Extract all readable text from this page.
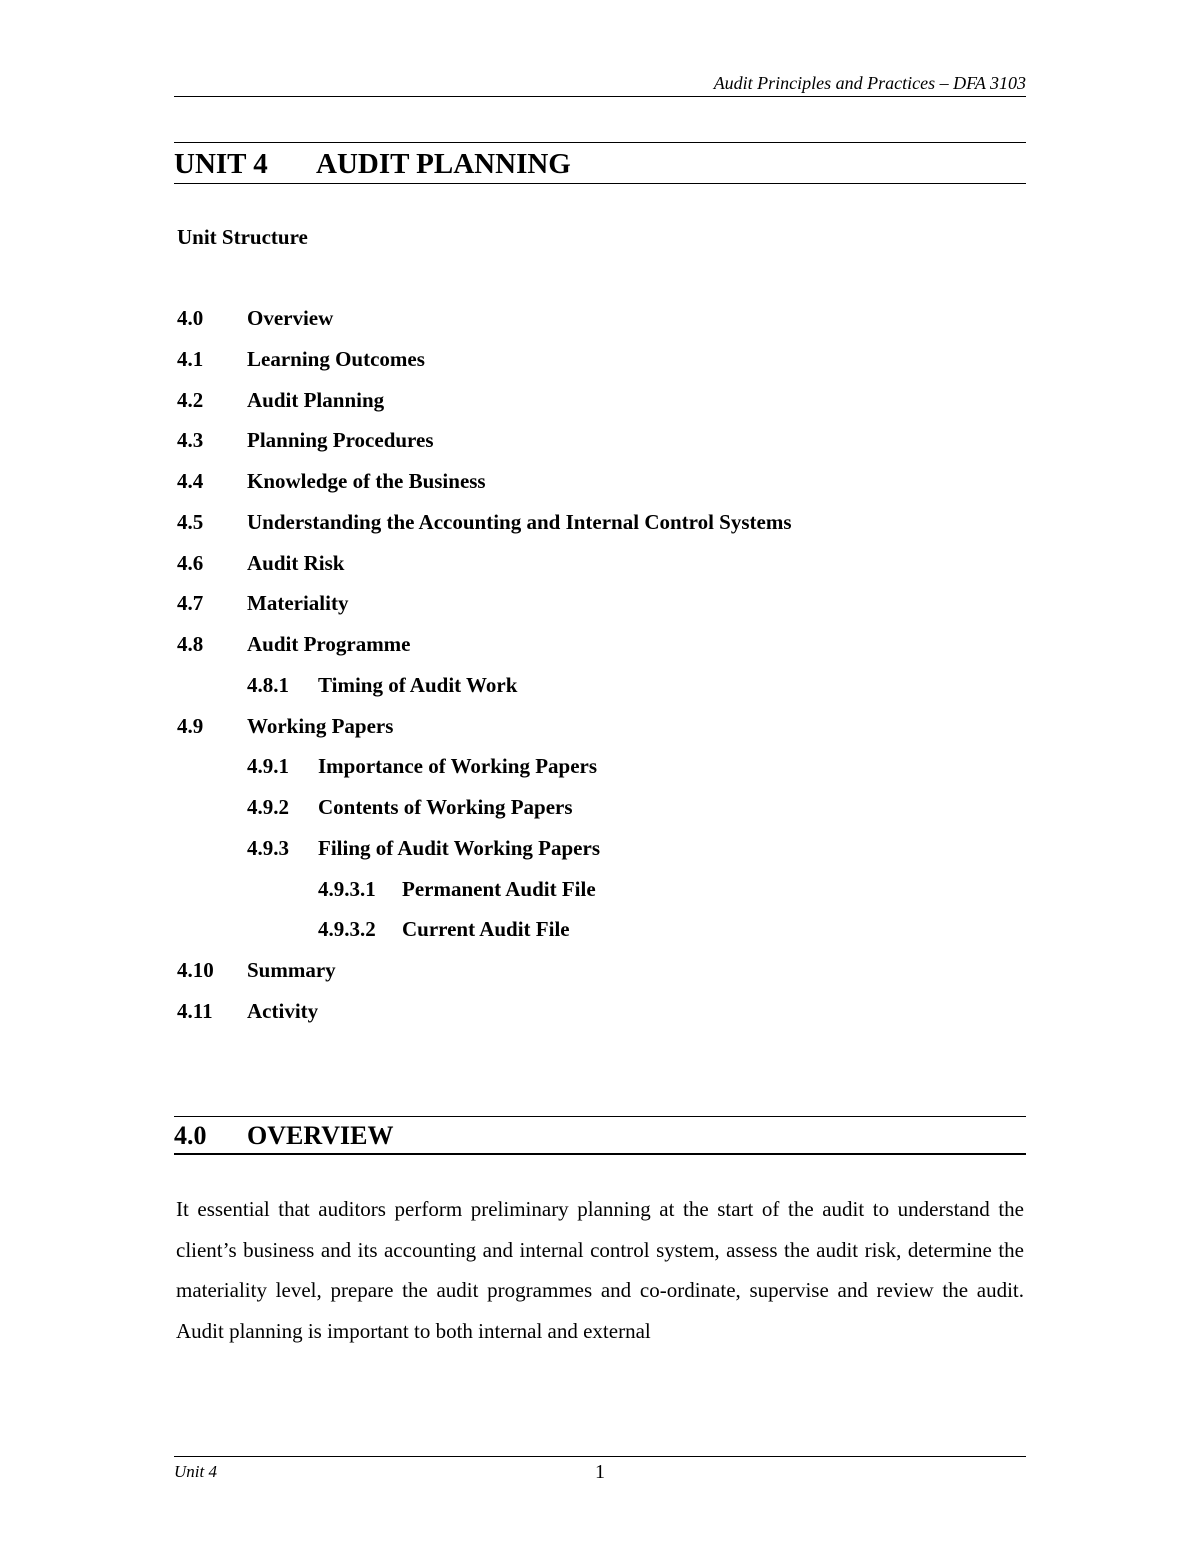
Audit Principles and Practices – DFA 3103
UNIT 4 AUDIT PLANNING
Unit Structure
4.0 Overview
4.1 Learning Outcomes
4.2 Audit Planning
4.3 Planning Procedures
4.4 Knowledge of the Business
4.5 Understanding the Accounting and Internal Control Systems
4.6 Audit Risk
4.7 Materiality
4.8 Audit Programme
4.8.1 Timing of Audit Work
4.9 Working Papers
4.9.1 Importance of Working Papers
4.9.2 Contents of Working Papers
4.9.3 Filing of Audit Working Papers
4.9.3.1 Permanent Audit File
4.9.3.2 Current Audit File
4.10 Summary
4.11 Activity
4.0 OVERVIEW

It essential that auditors perform preliminary planning at the start of the audit to understand the client’s business and its accounting and internal control system, assess the audit risk, determine the materiality level, prepare the audit programmes and co-ordinate, supervise and review the audit. Audit planning is important to both internal and external

Unit 4	1
